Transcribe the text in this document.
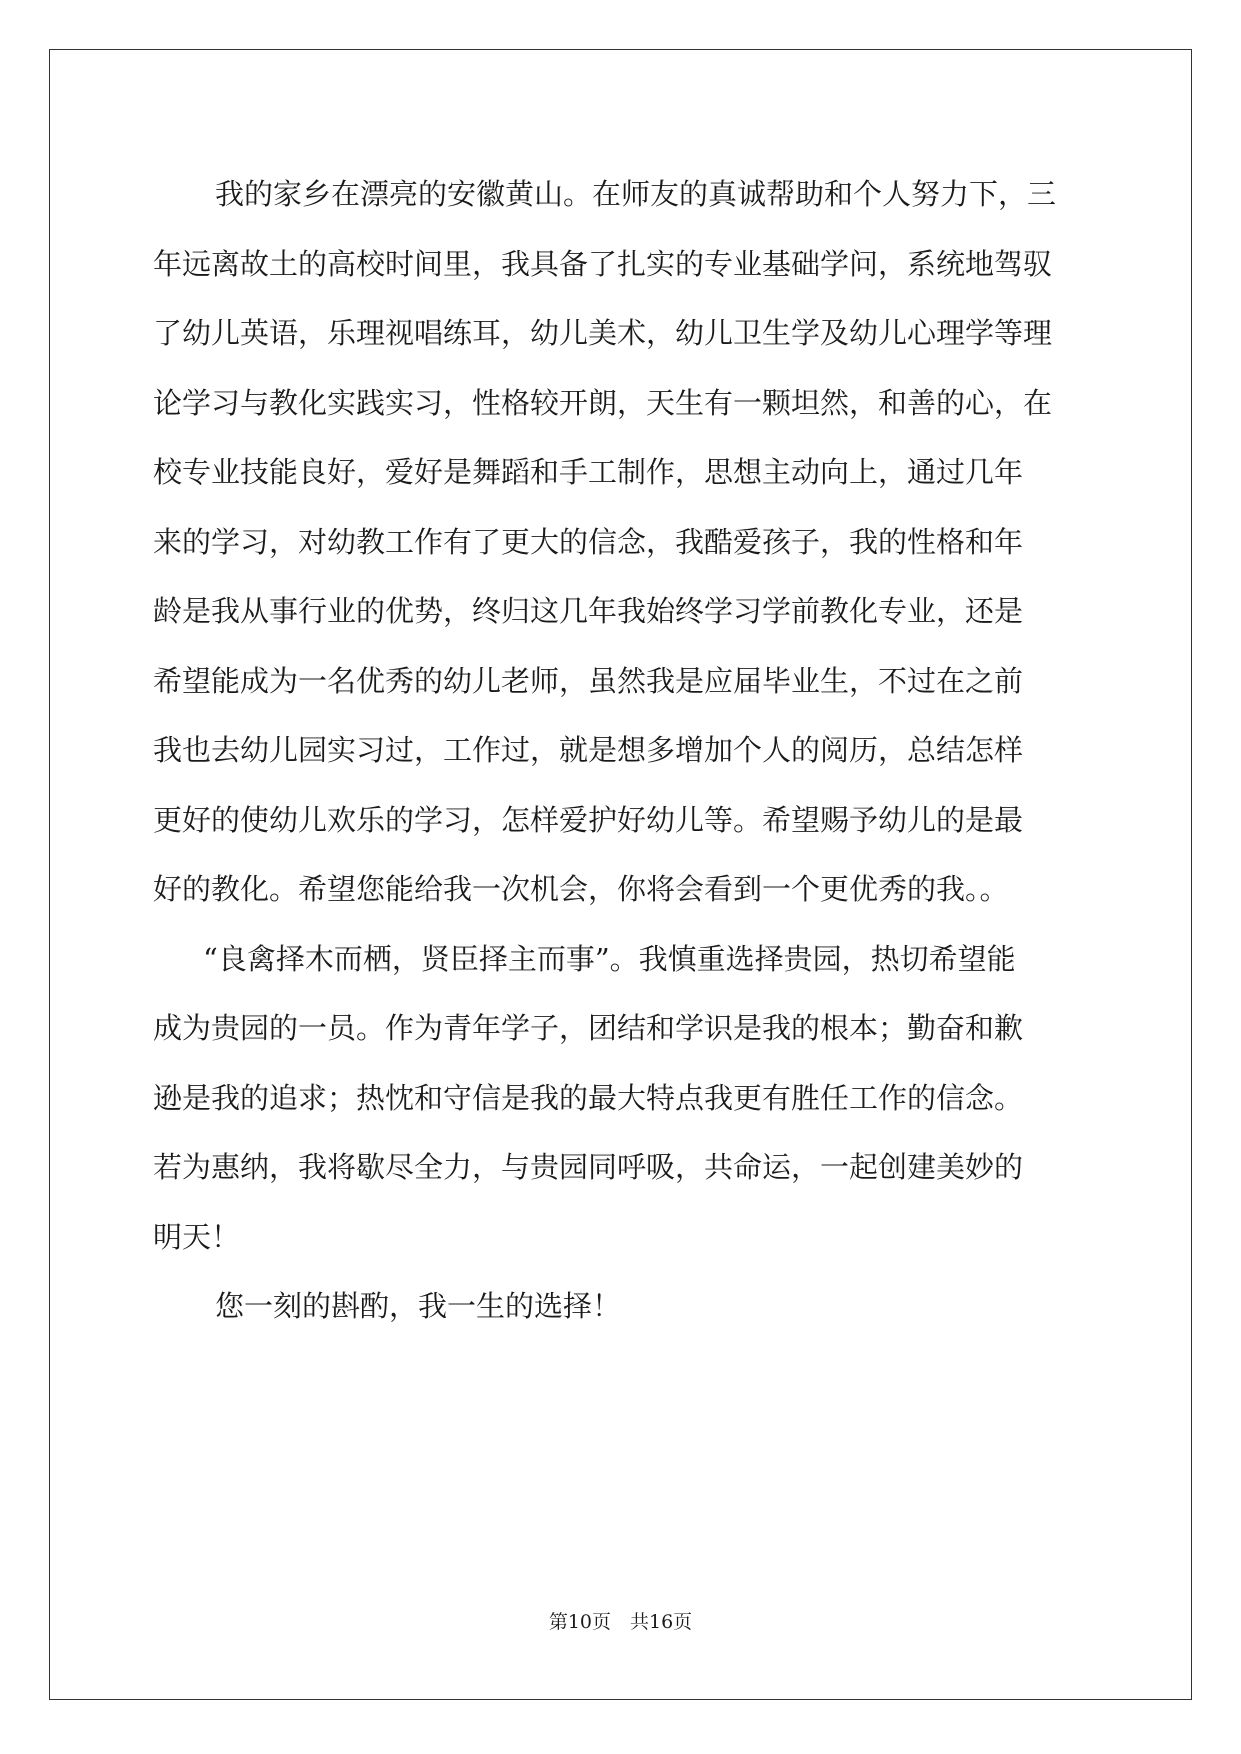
我的家乡在漂亮的安徽黄山。在师友的真诚帮助和个人努力下，三
年远离故土的高校时间里，我具备了扎实的专业基础学问，系统地驾驭
了幼儿英语，乐理视唱练耳，幼儿美术，幼儿卫生学及幼儿心理学等理
论学习与教化实践实习，性格较开朗，天生有一颗坦然，和善的心，在
校专业技能良好，爱好是舞蹈和手工制作，思想主动向上，通过几年
来的学习，对幼教工作有了更大的信念，我酷爱孩子，我的性格和年
龄是我从事行业的优势，终归这几年我始终学习学前教化专业，还是
希望能成为一名优秀的幼儿老师，虽然我是应届毕业生，不过在之前
我也去幼儿园实习过，工作过，就是想多增加个人的阅历，总结怎样
更好的使幼儿欢乐的学习，怎样爱护好幼儿等。希望赐予幼儿的是最
好的教化。希望您能给我一次机会，你将会看到一个更优秀的我。。
“良禽择木而栖，贤臣择主而事”。我慎重选择贵园，热切希望能
成为贵园的一员。作为青年学子，团结和学识是我的根本；勤奋和歉
逊是我的追求；热忱和守信是我的最大特点我更有胜任工作的信念。
若为惠纳，我将歇尽全力，与贵园同呼吸，共命运，一起创建美妙的
明天！
您一刻的斟酌，我一生的选择！
第10页　共16页
